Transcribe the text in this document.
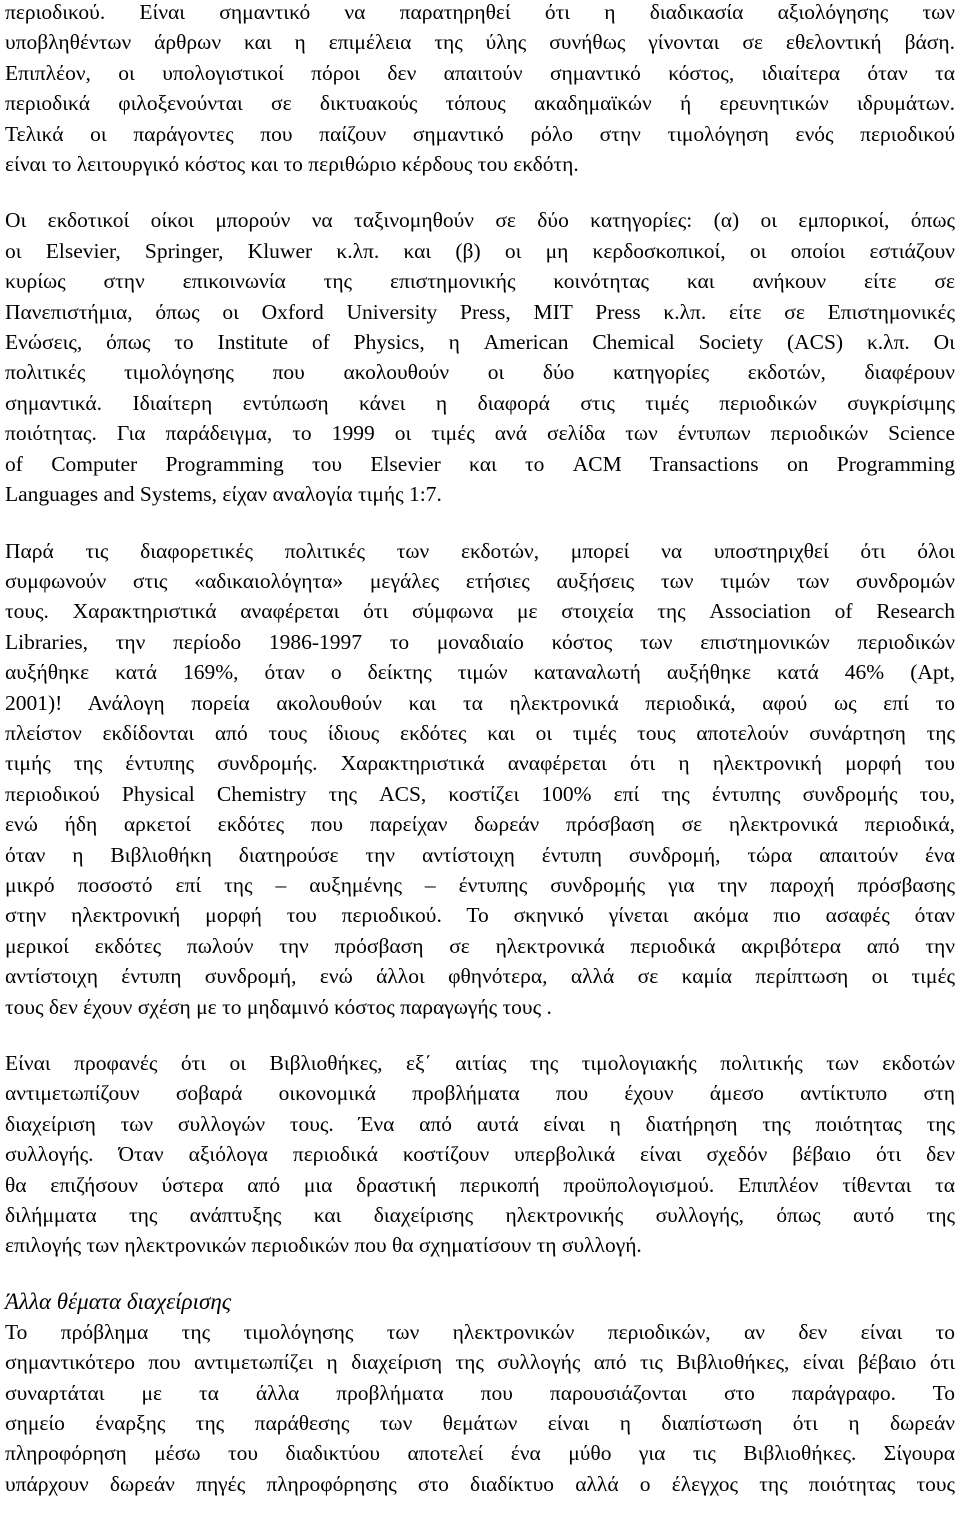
περιοδικού. Είναι σημαντικό να παρατηρηθεί ότι η διαδικασία αξιολόγησης των
υποβληθέντων άρθρων και η επιμέλεια της ύλης συνήθως γίνονται σε εθελοντική βάση.
Επιπλέον, οι υπολογιστικοί πόροι δεν απαιτούν σημαντικό κόστος, ιδιαίτερα όταν τα
περιοδικά φιλοξενούνται σε δικτυακούς τόπους ακαδημαϊκών ή ερευνητικών ιδρυμάτων.
Τελικά οι παράγοντες που παίζουν σημαντικό ρόλο στην τιμολόγηση ενός περιοδικού
είναι το λειτουργικό κόστος και το περιθώριο κέρδους του εκδότη.
Οι εκδοτικοί οίκοι μπορούν να ταξινομηθούν σε δύο κατηγορίες: (α) οι εμπορικοί, όπως
οι Elsevier, Springer, Kluwer κ.λπ. και (β) οι μη κερδοσκοπικοί, οι οποίοι εστιάζουν
κυρίως στην επικοινωνία της επιστημονικής κοινότητας και ανήκουν είτε σε
Πανεπιστήμια, όπως οι Oxford University Press, MIT Press κ.λπ. είτε σε Επιστημονικές
Ενώσεις, όπως το Institute of Physics, η American Chemical Society (ACS) κ.λπ. Οι
πολιτικές τιμολόγησης που ακολουθούν οι δύο κατηγορίες εκδοτών, διαφέρουν
σημαντικά. Ιδιαίτερη εντύπωση κάνει η διαφορά στις τιμές περιοδικών συγκρίσιμης
ποιότητας. Για παράδειγμα, το 1999 οι τιμές ανά σελίδα των έντυπων περιοδικών Science
of Computer Programming του Elsevier και το ACM Transactions on Programming
Languages and Systems, είχαν αναλογία τιμής 1:7.
Παρά τις διαφορετικές πολιτικές των εκδοτών, μπορεί να υποστηριχθεί ότι όλοι
συμφωνούν στις «αδικαιολόγητα» μεγάλες ετήσιες αυξήσεις των τιμών των συνδρομών
τους. Χαρακτηριστικά αναφέρεται ότι σύμφωνα με στοιχεία της Association of Research
Libraries, την περίοδο 1986-1997 το μοναδιαίο κόστος των επιστημονικών περιοδικών
αυξήθηκε κατά 169%, όταν ο δείκτης τιμών καταναλωτή αυξήθηκε κατά 46% (Apt,
2001)! Ανάλογη πορεία ακολουθούν και τα ηλεκτρονικά περιοδικά, αφού ως επί το
πλείστον εκδίδονται από τους ίδιους εκδότες και οι τιμές τους αποτελούν συνάρτηση της
τιμής της έντυπης συνδρομής. Χαρακτηριστικά αναφέρεται ότι η ηλεκτρονική μορφή του
περιοδικού Physical Chemistry της ACS, κοστίζει 100% επί της έντυπης συνδρομής του,
ενώ ήδη αρκετοί εκδότες που παρείχαν δωρεάν πρόσβαση σε ηλεκτρονικά περιοδικά,
όταν η Βιβλιοθήκη διατηρούσε την αντίστοιχη έντυπη συνδρομή, τώρα απαιτούν ένα
μικρό ποσοστό επί της – αυξημένης – έντυπης συνδρομής για την παροχή πρόσβασης
στην ηλεκτρονική μορφή του περιοδικού. Το σκηνικό γίνεται ακόμα πιο ασαφές όταν
μερικοί εκδότες πωλούν την πρόσβαση σε ηλεκτρονικά περιοδικά ακριβότερα από την
αντίστοιχη έντυπη συνδρομή, ενώ άλλοι φθηνότερα, αλλά σε καμία περίπτωση οι τιμές
τους δεν έχουν σχέση με το μηδαμινό κόστος παραγωγής τους .
Είναι προφανές ότι οι Βιβλιοθήκες, εξ΄ αιτίας της τιμολογιακής πολιτικής των εκδοτών
αντιμετωπίζουν σοβαρά οικονομικά προβλήματα που έχουν άμεσο αντίκτυπο στη
διαχείριση των συλλογών τους. Ένα από αυτά είναι η διατήρηση της ποιότητας της
συλλογής. Όταν αξιόλογα περιοδικά κοστίζουν υπερβολικά είναι σχεδόν βέβαιο ότι δεν
θα επιζήσουν ύστερα από μια δραστική περικοπή προϋπολογισμού. Επιπλέον τίθενται τα
διλήμματα της ανάπτυξης και διαχείρισης ηλεκτρονικής συλλογής, όπως αυτό της
επιλογής των ηλεκτρονικών περιοδικών που θα σχηματίσουν τη συλλογή.
Άλλα θέματα διαχείρισης
Το πρόβλημα της τιμολόγησης των ηλεκτρονικών περιοδικών, αν δεν είναι το
σημαντικότερο που αντιμετωπίζει η διαχείριση της συλλογής από τις Βιβλιοθήκες, είναι βέβαιο ότι
συναρτάται με τα άλλα προβλήματα που παρουσιάζονται στο παράγραφο. Το
σημείο έναρξης της παράθεσης των θεμάτων είναι η διαπίστωση ότι η δωρεάν
πληροφόρηση μέσω του διαδικτύου αποτελεί ένα μύθο για τις Βιβλιοθήκες. Σίγουρα
υπάρχουν δωρεάν πηγές πληροφόρησης στο διαδίκτυο αλλά ο έλεγχος της ποιότητας τους
